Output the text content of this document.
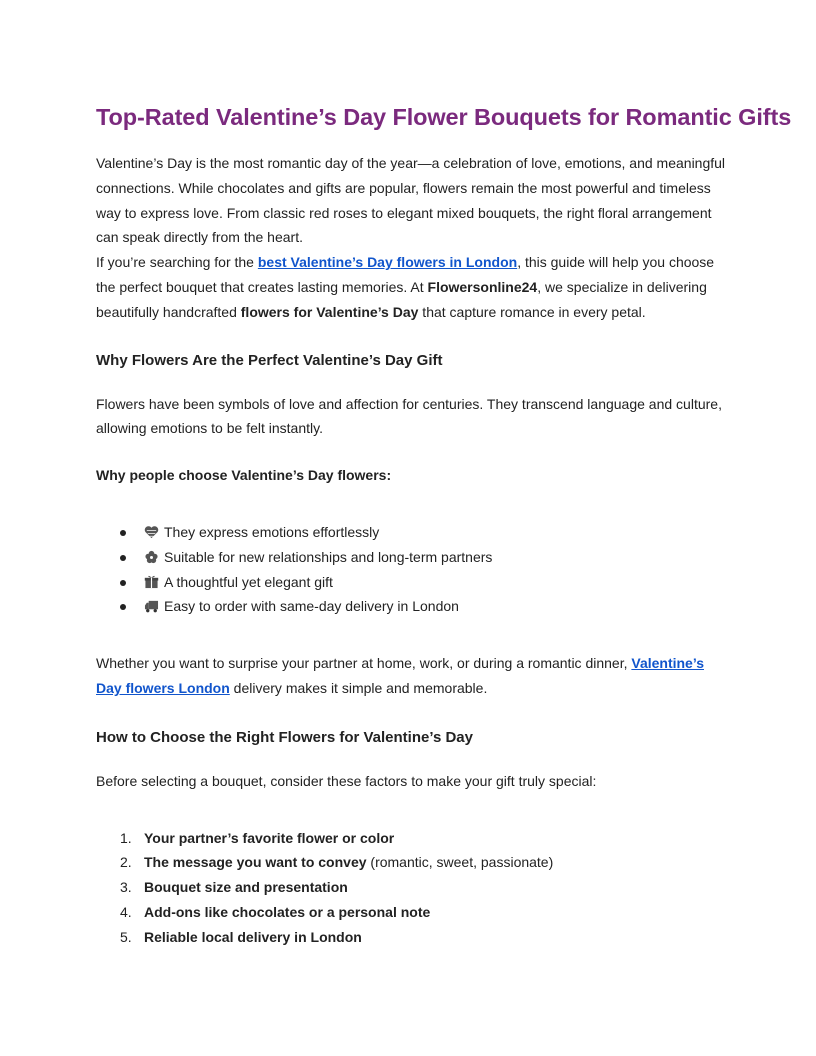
Top-Rated Valentine’s Day Flower Bouquets for Romantic Gifts

Valentine’s Day is the most romantic day of the year—a celebration of love, emotions, and meaningful connections. While chocolates and gifts are popular, flowers remain the most powerful and timeless way to express love. From classic red roses to elegant mixed bouquets, the right floral arrangement can speak directly from the heart.

If you’re searching for the best Valentine’s Day flowers in London, this guide will help you choose the perfect bouquet that creates lasting memories. At Flowersonline24, we specialize in delivering beautifully handcrafted flowers for Valentine’s Day that capture romance in every petal.

Why Flowers Are the Perfect Valentine’s Day Gift

Flowers have been symbols of love and affection for centuries. They transcend language and culture, allowing emotions to be felt instantly.

Why people choose Valentine’s Day flowers:

They express emotions effortlessly
Suitable for new relationships and long-term partners
A thoughtful yet elegant gift
Easy to order with same-day delivery in London

Whether you want to surprise your partner at home, work, or during a romantic dinner, Valentine’s Day flowers London delivery makes it simple and memorable.

How to Choose the Right Flowers for Valentine’s Day

Before selecting a bouquet, consider these factors to make your gift truly special:

1. Your partner’s favorite flower or color
2. The message you want to convey (romantic, sweet, passionate)
3. Bouquet size and presentation
4. Add-ons like chocolates or a personal note
5. Reliable local delivery in London
